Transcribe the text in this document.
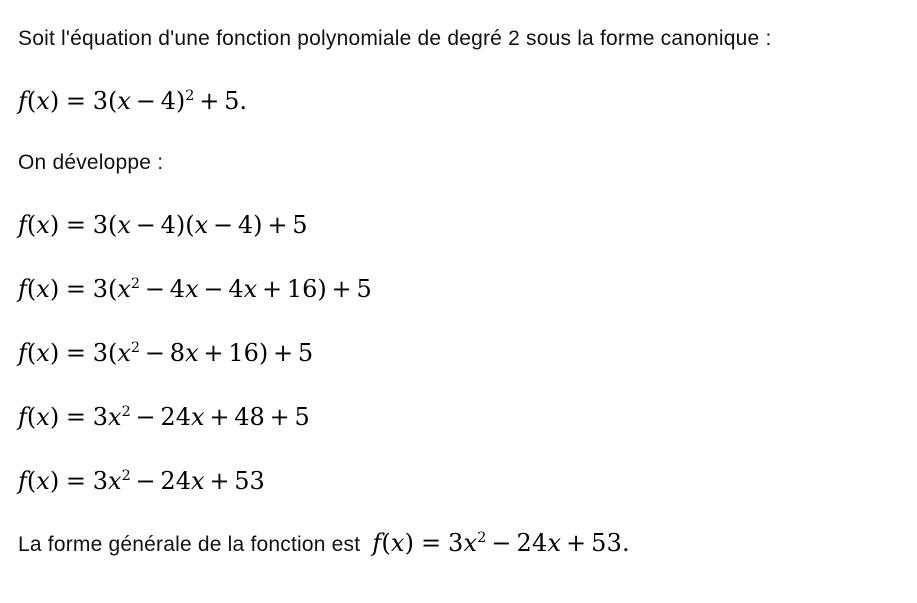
Soit l'équation d'une fonction polynomiale de degré 2 sous la forme canonique :

$f(x) = 3(x - 4)^2 + 5$.

On développe :

f(x) = 3(x − 4)(x − 4) + 5
$f(x) = 3(x^2 - 4x - 4x + 16) + 5$
$f(x) = 3(x^2 - 8x + 16) + 5$
$f(x) = 3x^2 - 24x + 48 + 5$
$f(x) = 3x^2 - 24x + 53$
La forme générale de la fonction est $f(x) = 3x^2 - 24x + 53$.
